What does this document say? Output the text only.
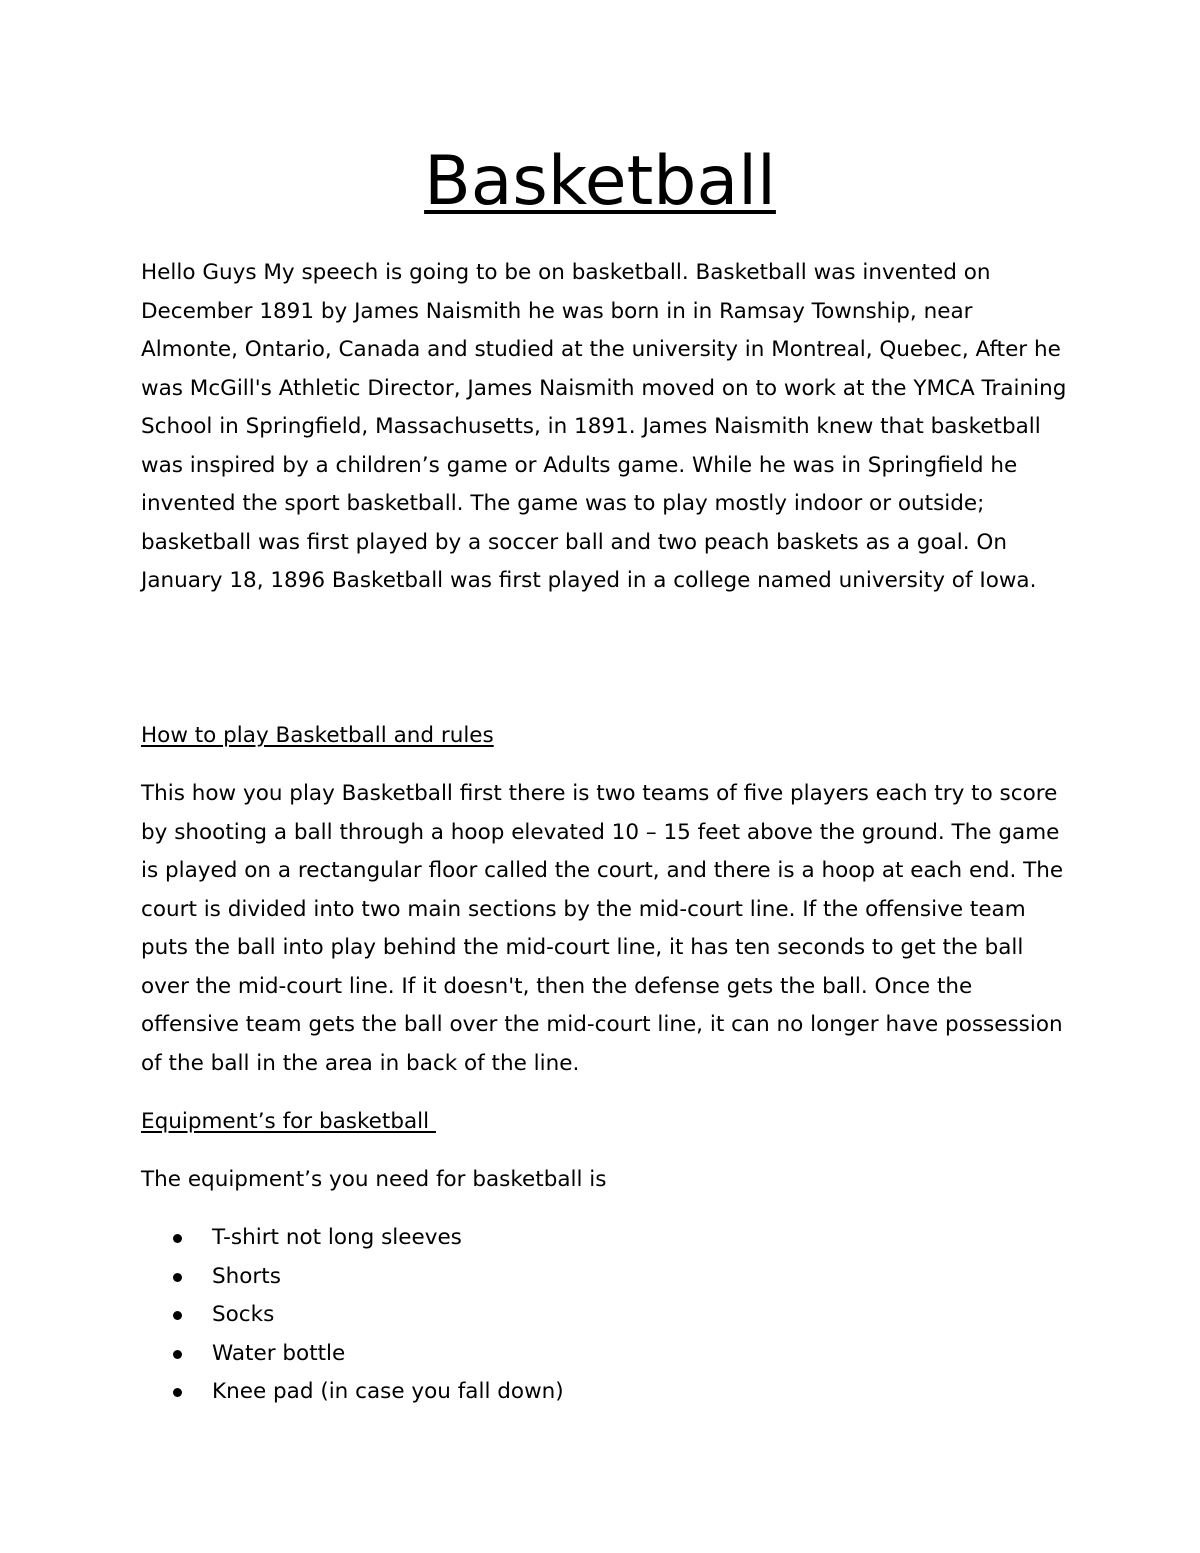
Basketball

Hello Guys My speech is going to be on basketball. Basketball was invented on December 1891 by James Naismith he was born in in Ramsay Township, near Almonte, Ontario, Canada and studied at the university in Montreal, Quebec, After he was McGill's Athletic Director, James Naismith moved on to work at the YMCA Training School in Springfield, Massachusetts, in 1891. James Naismith knew that basketball was inspired by a children’s game or Adults game. While he was in Springfield he invented the sport basketball. The game was to play mostly indoor or outside; basketball was first played by a soccer ball and two peach baskets as a goal. On January 18, 1896 Basketball was first played in a college named university of Iowa.

How to play Basketball and rules

This how you play Basketball first there is two teams of five players each try to score by shooting a ball through a hoop elevated 10 – 15 feet above the ground. The game is played on a rectangular floor called the court, and there is a hoop at each end. The court is divided into two main sections by the mid-court line. If the offensive team puts the ball into play behind the mid-court line, it has ten seconds to get the ball over the mid-court line. If it doesn't, then the defense gets the ball. Once the offensive team gets the ball over the mid-court line, it can no longer have possession of the ball in the area in back of the line.

Equipment’s for basketball

The equipment’s you need for basketball is

T-shirt not long sleeves
Shorts
Socks
Water bottle
Knee pad (in case you fall down)
